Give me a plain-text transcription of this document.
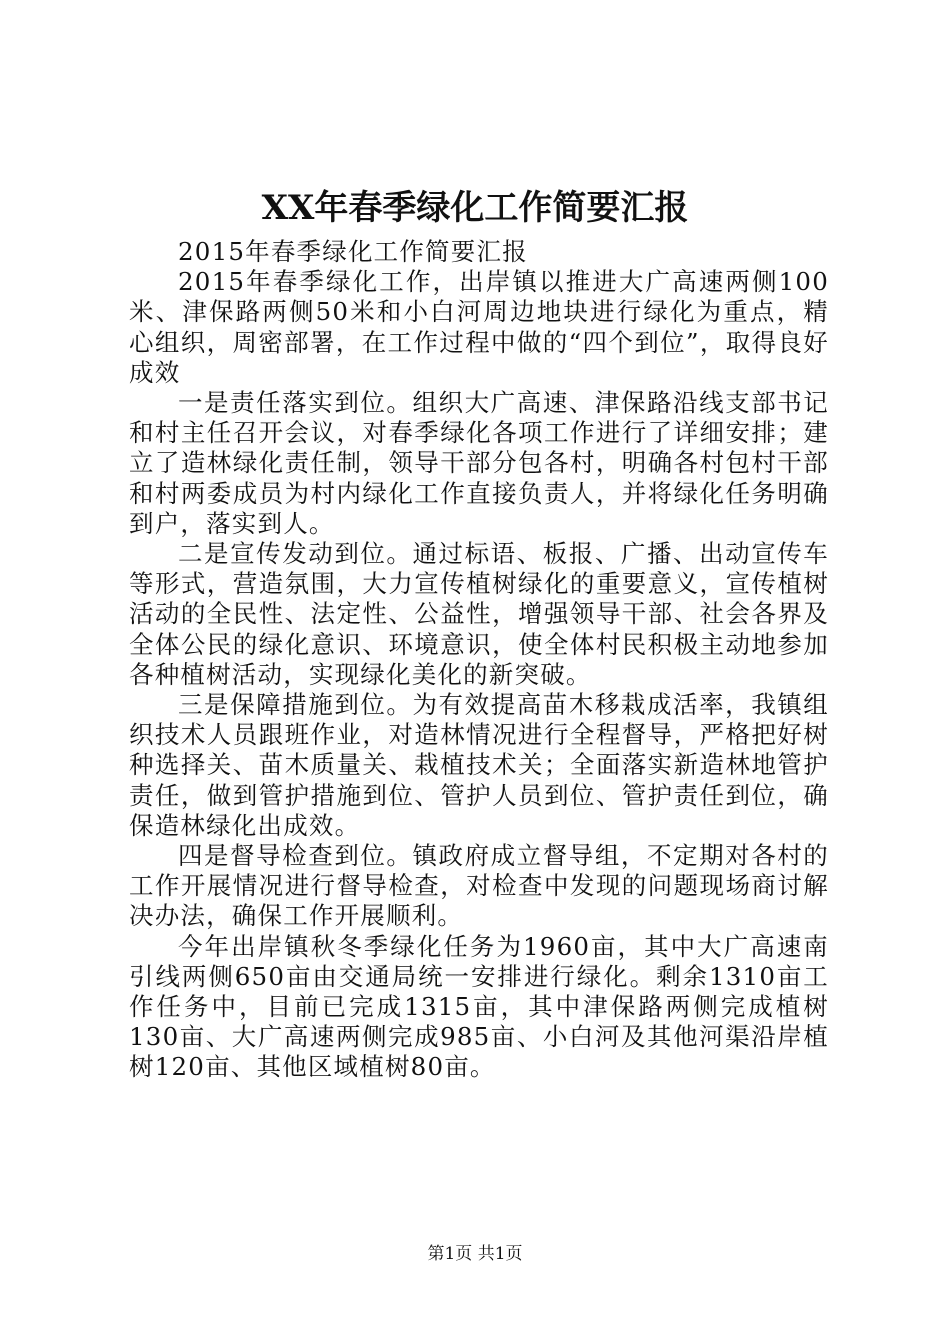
XX年春季绿化工作简要汇报

2015年春季绿化工作简要汇报

2015年春季绿化工作，出岸镇以推进大广高速两侧100米、津保路两侧50米和小白河周边地块进行绿化为重点，精心组织，周密部署，在工作过程中做的“四个到位”，取得良好成效

一是责任落实到位。组织大广高速、津保路沿线支部书记和村主任召开会议，对春季绿化各项工作进行了详细安排；建立了造林绿化责任制，领导干部分包各村，明确各村包村干部和村两委成员为村内绿化工作直接负责人，并将绿化任务明确到户，落实到人。

二是宣传发动到位。通过标语、板报、广播、出动宣传车等形式，营造氛围，大力宣传植树绿化的重要意义，宣传植树活动的全民性、法定性、公益性，增强领导干部、社会各界及全体公民的绿化意识、环境意识，使全体村民积极主动地参加各种植树活动，实现绿化美化的新突破。

三是保障措施到位。为有效提高苗木移栽成活率，我镇组织技术人员跟班作业，对造林情况进行全程督导，严格把好树种选择关、苗木质量关、栽植技术关；全面落实新造林地管护责任，做到管护措施到位、管护人员到位、管护责任到位，确保造林绿化出成效。

四是督导检查到位。镇政府成立督导组，不定期对各村的工作开展情况进行督导检查，对检查中发现的问题现场商讨解决办法，确保工作开展顺利。

今年出岸镇秋冬季绿化任务为1960亩，其中大广高速南引线两侧650亩由交通局统一安排进行绿化。剩余1310亩工作任务中，目前已完成1315亩，其中津保路两侧完成植树130亩、大广高速两侧完成985亩、小白河及其他河渠沿岸植树120亩、其他区域植树80亩。

第1页 共1页
